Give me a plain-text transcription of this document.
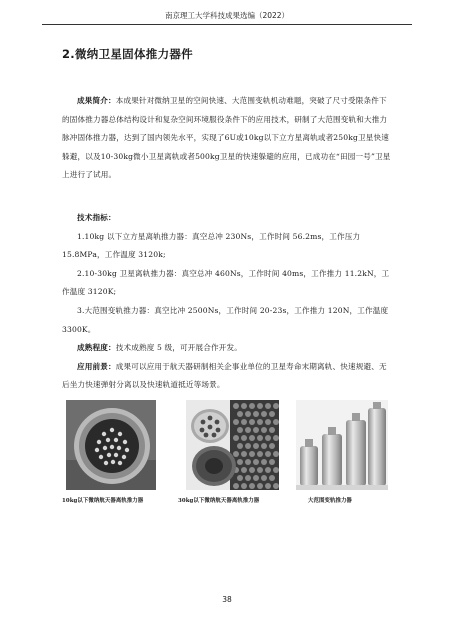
南京理工大学科技成果选编（2022）
2.微纳卫星固体推力器件

成果简介：本成果针对微纳卫星的空间快速、大范围变轨机动难题，突破了尺寸受限条件下的固体推力器总体结构设计和复杂空间环境服役条件下的应用技术，研制了大范围变轨和大推力脉冲固体推力器，达到了国内领先水平，实现了6U或10kg以下立方星离轨或者250kg卫星快速躲避，以及10-30kg微小卫星离轨或者500kg卫星的快速躲避的应用，已成功在“田园一号”卫星上进行了试用。

技术指标：

1.10kg 以下立方星离轨推力器：真空总冲 230Ns，工作时间 56.2ms，工作压力 15.8MPa，工作温度 3120k;

2.10-30kg 卫星离轨推力器：真空总冲 460Ns，工作时间 40ms，工作推力 11.2kN，工作温度 3120K;

3.大范围变轨推力器：真空比冲 2500Ns，工作时间 20-23s，工作推力 120N，工作温度 3300K。

成熟程度：技术成熟度 5 级，可开展合作开发。

应用前景：成果可以应用于航天器研制相关企事业单位的卫星寿命末期离轨、快速规避、无后坐力快速弹射分离以及快速轨道抵近等场景。

10kg以下微纳航天器离轨推力器	30kg以下微纳航天器离轨推力器	大范围变轨推力器
38
